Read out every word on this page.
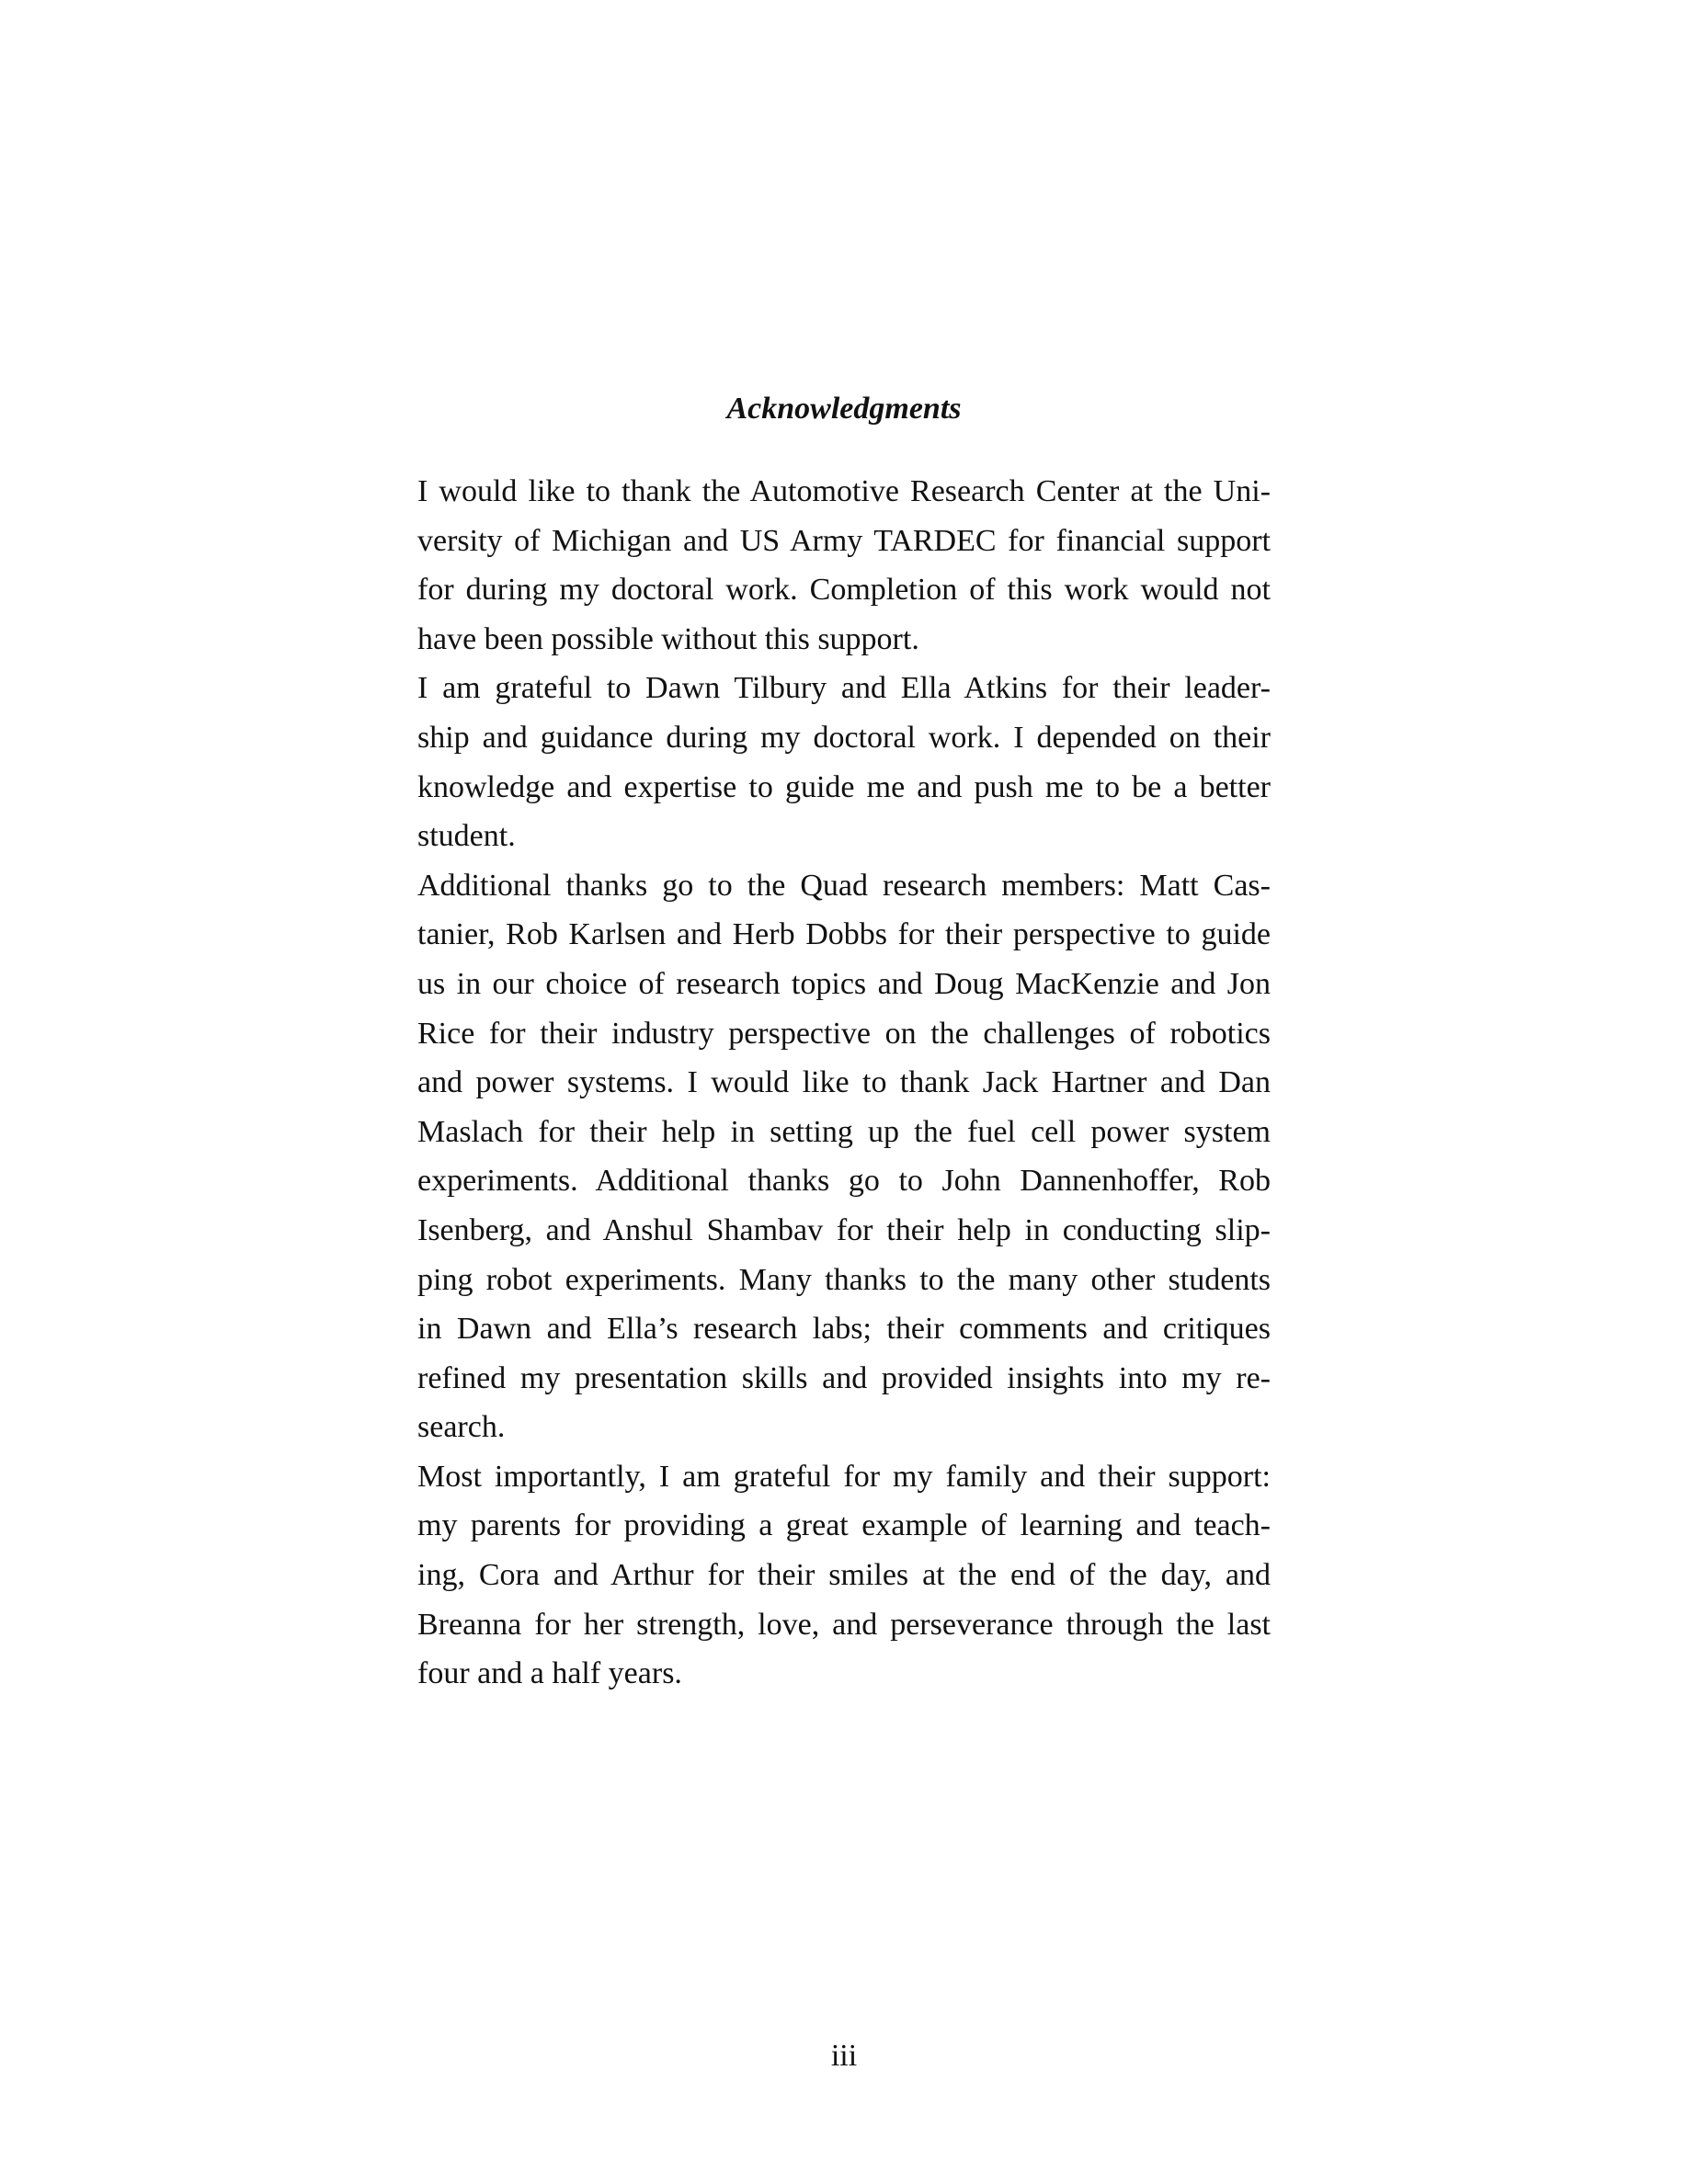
Acknowledgments

I would like to thank the Automotive Research Center at the Uni-
versity of Michigan and US Army TARDEC for financial support
for during my doctoral work. Completion of this work would not
have been possible without this support.

I am grateful to Dawn Tilbury and Ella Atkins for their leader-
ship and guidance during my doctoral work. I depended on their
knowledge and expertise to guide me and push me to be a better
student.

Additional thanks go to the Quad research members: Matt Cas-
tanier, Rob Karlsen and Herb Dobbs for their perspective to guide
us in our choice of research topics and Doug MacKenzie and Jon
Rice for their industry perspective on the challenges of robotics
and power systems. I would like to thank Jack Hartner and Dan
Maslach for their help in setting up the fuel cell power system
experiments. Additional thanks go to John Dannenhoffer, Rob
Isenberg, and Anshul Shambav for their help in conducting slip-
ping robot experiments. Many thanks to the many other students
in Dawn and Ella’s research labs; their comments and critiques
refined my presentation skills and provided insights into my re-
search.

Most importantly, I am grateful for my family and their support:
my parents for providing a great example of learning and teach-
ing, Cora and Arthur for their smiles at the end of the day, and
Breanna for her strength, love, and perseverance through the last
four and a half years.

iii
